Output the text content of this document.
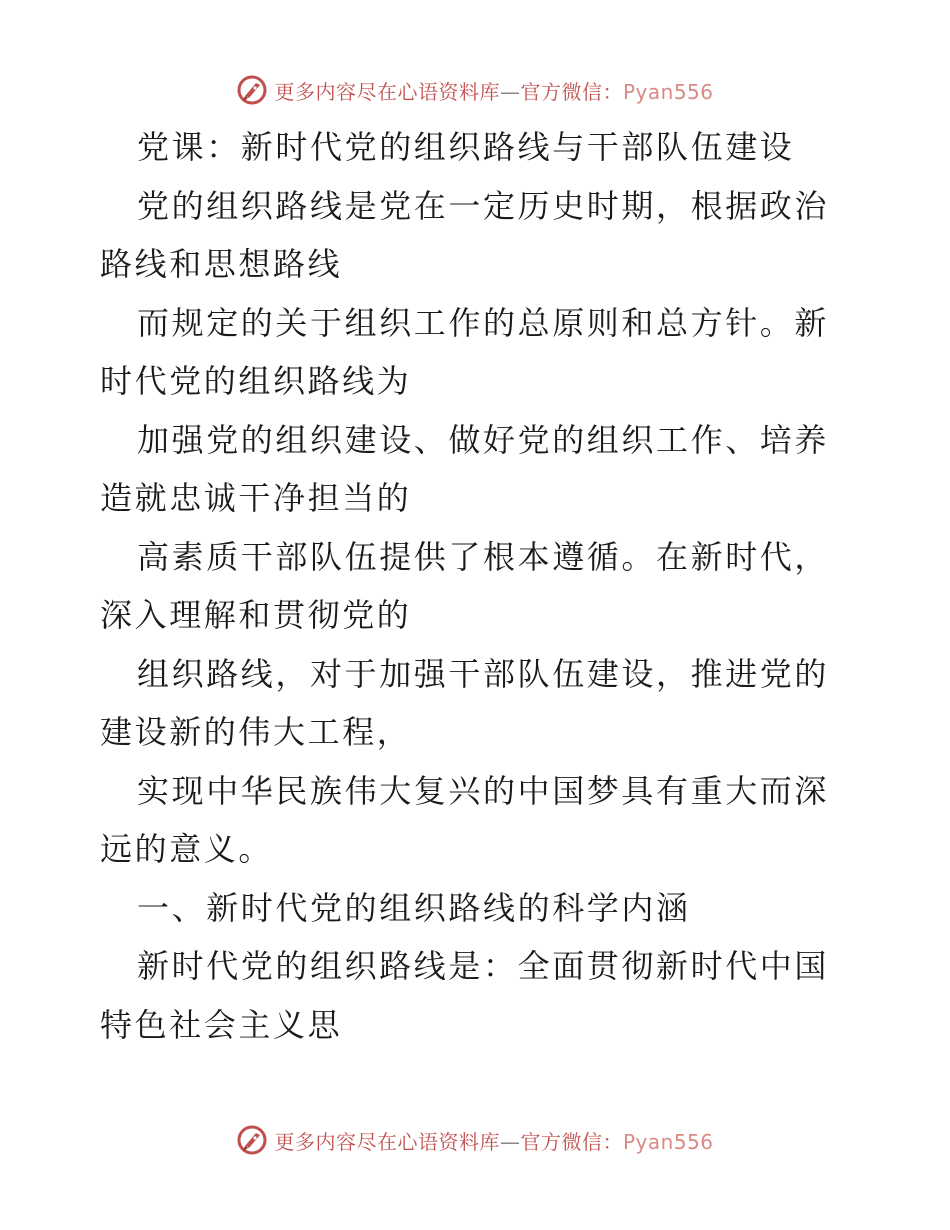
更多内容尽在心语资料库—官方微信：Pyan556

党课：新时代党的组织路线与干部队伍建设

党的组织路线是党在一定历史时期，根据政治路线和思想路线

而规定的关于组织工作的总原则和总方针。新时代党的组织路线为

加强党的组织建设、做好党的组织工作、培养造就忠诚干净担当的

高素质干部队伍提供了根本遵循。在新时代，深入理解和贯彻党的

组织路线，对于加强干部队伍建设，推进党的建设新的伟大工程，

实现中华民族伟大复兴的中国梦具有重大而深远的意义。

一、新时代党的组织路线的科学内涵

新时代党的组织路线是：全面贯彻新时代中国特色社会主义思

更多内容尽在心语资料库—官方微信：Pyan556
